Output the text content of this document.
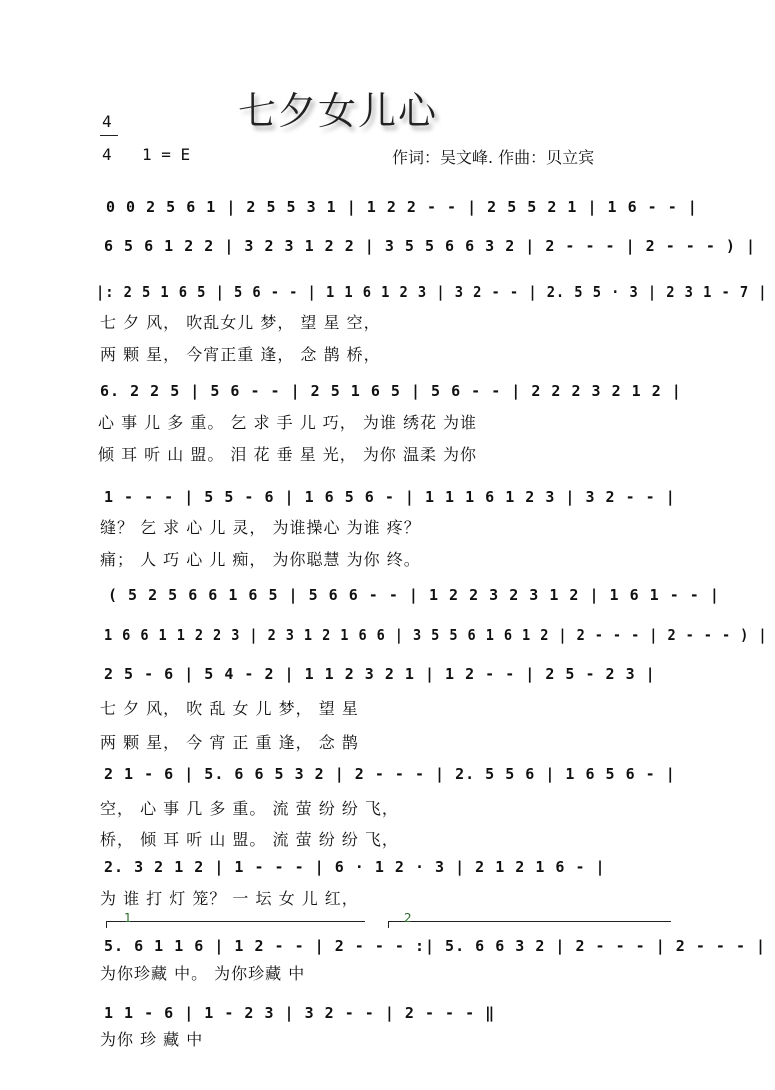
七夕女儿心
4
4 1 = E	作词：吴文峰. 作曲：贝立宾
1	2
0 0 2 5 6 1 | 2 5 5 3 1 | 1 2 2 - - | 2 5 5 2 1 | 1 6 - - |
6 5 6 1 2 2 | 3 2 3 1 2 2 | 3 5 5 6 6 3 2 | 2 - - - | 2 - - - ) |
|: 2 5 1 6 5 | 5 6 - - | 1 1 6 1 2 3 | 3 2 - - | 2. 5 5 · 3 | 2 3 1 - 7 |
七 夕 风， 吹乱女儿 梦， 望 星 空，
两 颗 星， 今宵正重 逢， 念 鹊 桥，
6. 2 2 5 | 5 6 - - | 2 5 1 6 5 | 5 6 - - | 2 2 2 3 2 1 2 |
心 事 儿 多 重。 乞 求 手 儿 巧， 为谁 绣花 为谁
倾 耳 听 山 盟。 泪 花 垂 星 光， 为你 温柔 为你
1 - - - | 5 5 - 6 | 1 6 5 6 - | 1 1 1 6 1 2 3 | 3 2 - - |
缝？ 乞 求 心 儿 灵， 为谁操心 为谁 疼？
痛； 人 巧 心 儿 痴， 为你聪慧 为你 终。
( 5 2 5 6 6 1 6 5 | 5 6 6 - - | 1 2 2 3 2 3 1 2 | 1 6 1 - - |
1 6 6 1 1 2 2 3 | 2 3 1 2 1 6 6 | 3 5 5 6 1 6 1 2 | 2 - - - | 2 - - - ) |
2 5 - 6 | 5 4 - 2 | 1 1 2 3 2 1 | 1 2 - - | 2 5 - 2 3 |
七 夕 风， 吹 乱 女 儿 梦， 望 星
两 颗 星， 今 宵 正 重 逢， 念 鹊
2 1 - 6 | 5. 6 6 5 3 2 | 2 - - - | 2. 5 5 6 | 1 6 5 6 - |
空， 心 事 几 多 重。 流 萤 纷 纷 飞，
桥， 倾 耳 听 山 盟。 流 萤 纷 纷 飞，
2. 3 2 1 2 | 1 - - - | 6 · 1 2 · 3 | 2 1 2 1 6 - |
为 谁 打 灯 笼？ 一 坛 女 儿 红，
5. 6 1 1 6 | 1 2 - - | 2 - - - :| 5. 6 6 3 2 | 2 - - - | 2 - - - |
为你珍藏 中。 为你珍藏 中
1 1 - 6 | 1 - 2 3 | 3 2 - - | 2 - - - ‖
为你 珍 藏 中
